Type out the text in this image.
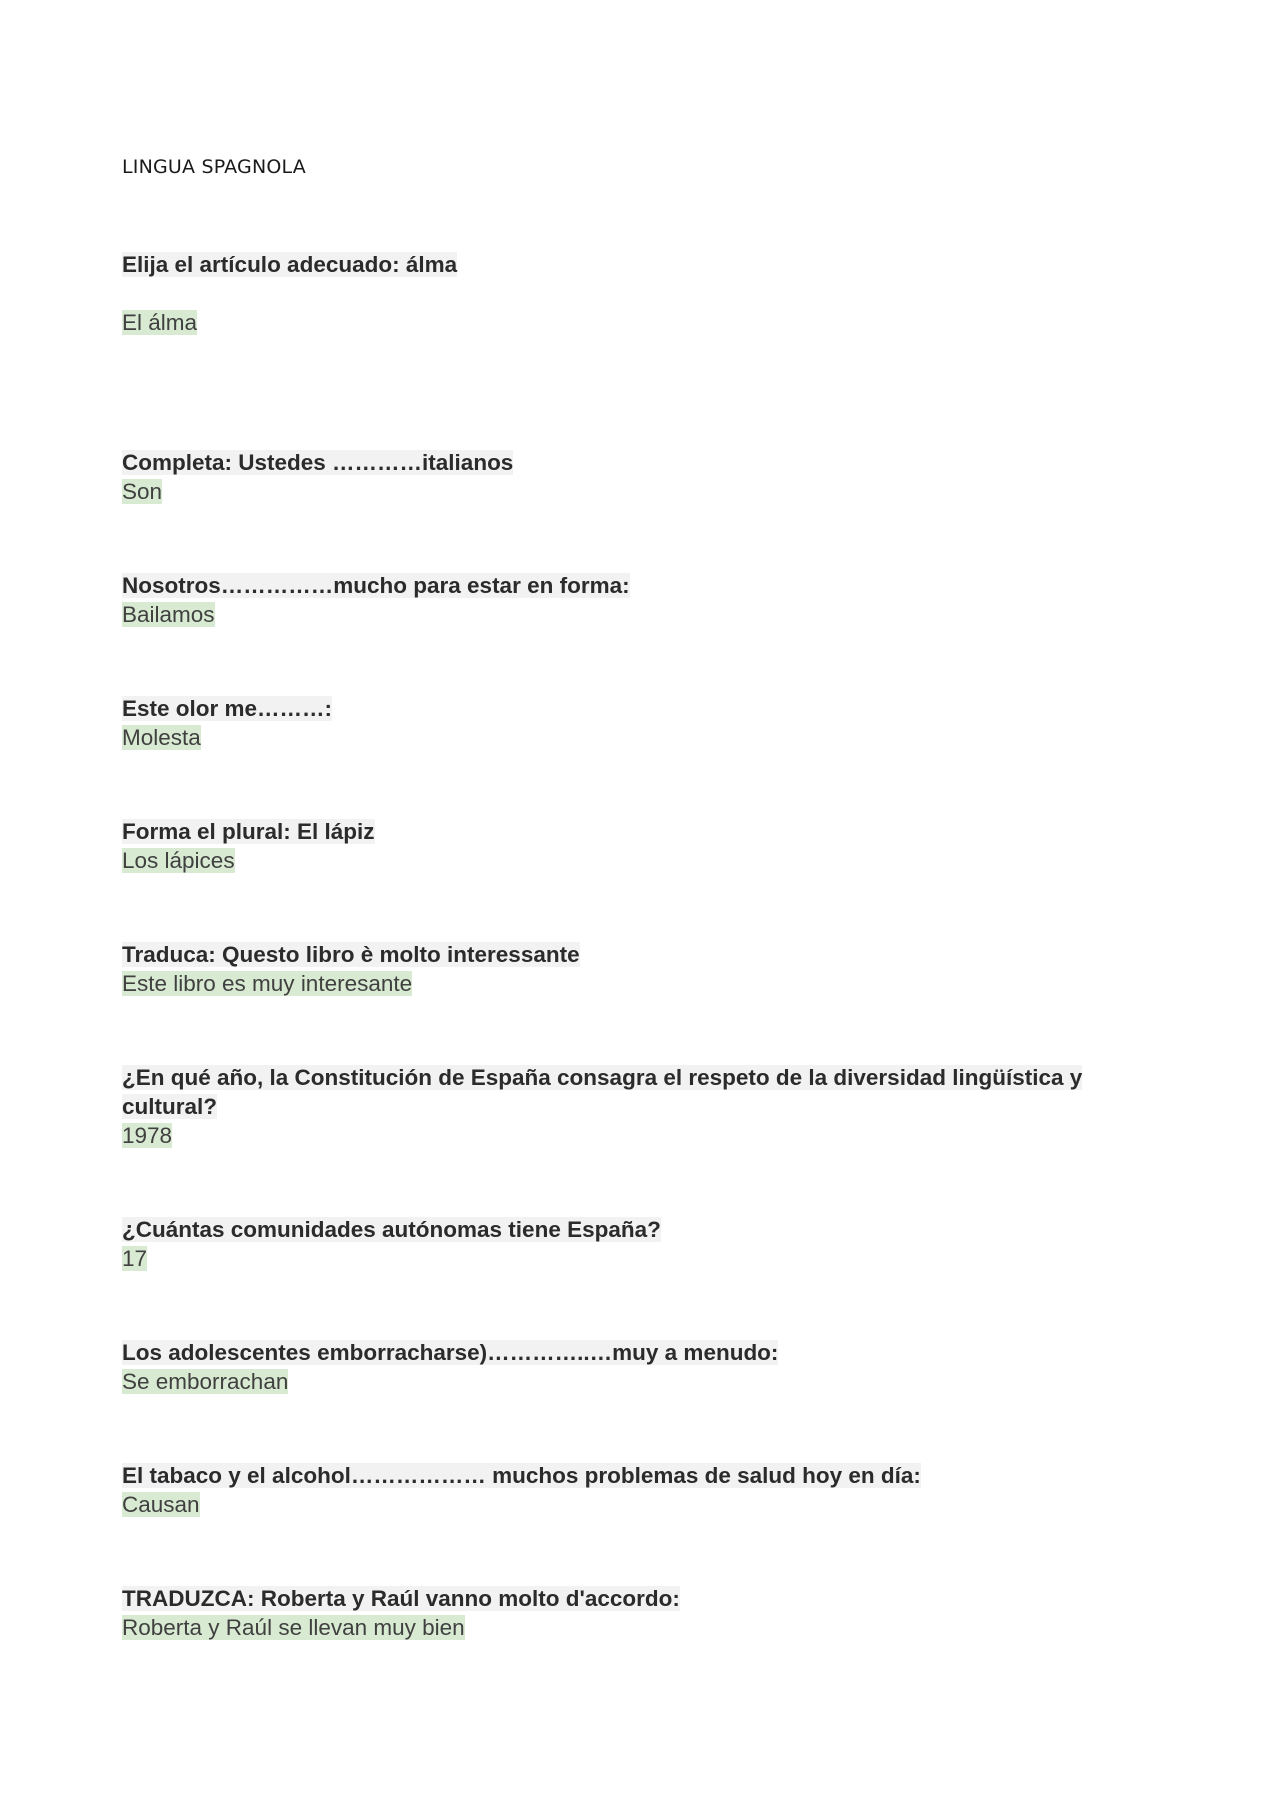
LINGUA SPAGNOLA

Elija el artículo adecuado: álma

El álma

Completa: Ustedes …………italianos

Son

Nosotros……………mucho para estar en forma:

Bailamos

Este olor me………:

Molesta

Forma el plural: El lápiz

Los lápices

Traduca: Questo libro è molto interessante

Este libro es muy interesante

¿En qué año, la Constitución de España consagra el respeto de la diversidad lingüística y cultural?

1978

¿Cuántas comunidades autónomas tiene España?

17

Los adolescentes emborracharse)…………..…muy a menudo:

Se emborrachan

El tabaco y el alcohol……………… muchos problemas de salud hoy en día:

Causan

TRADUZCA: Roberta y Raúl vanno molto d'accordo:

Roberta y Raúl se llevan muy bien
